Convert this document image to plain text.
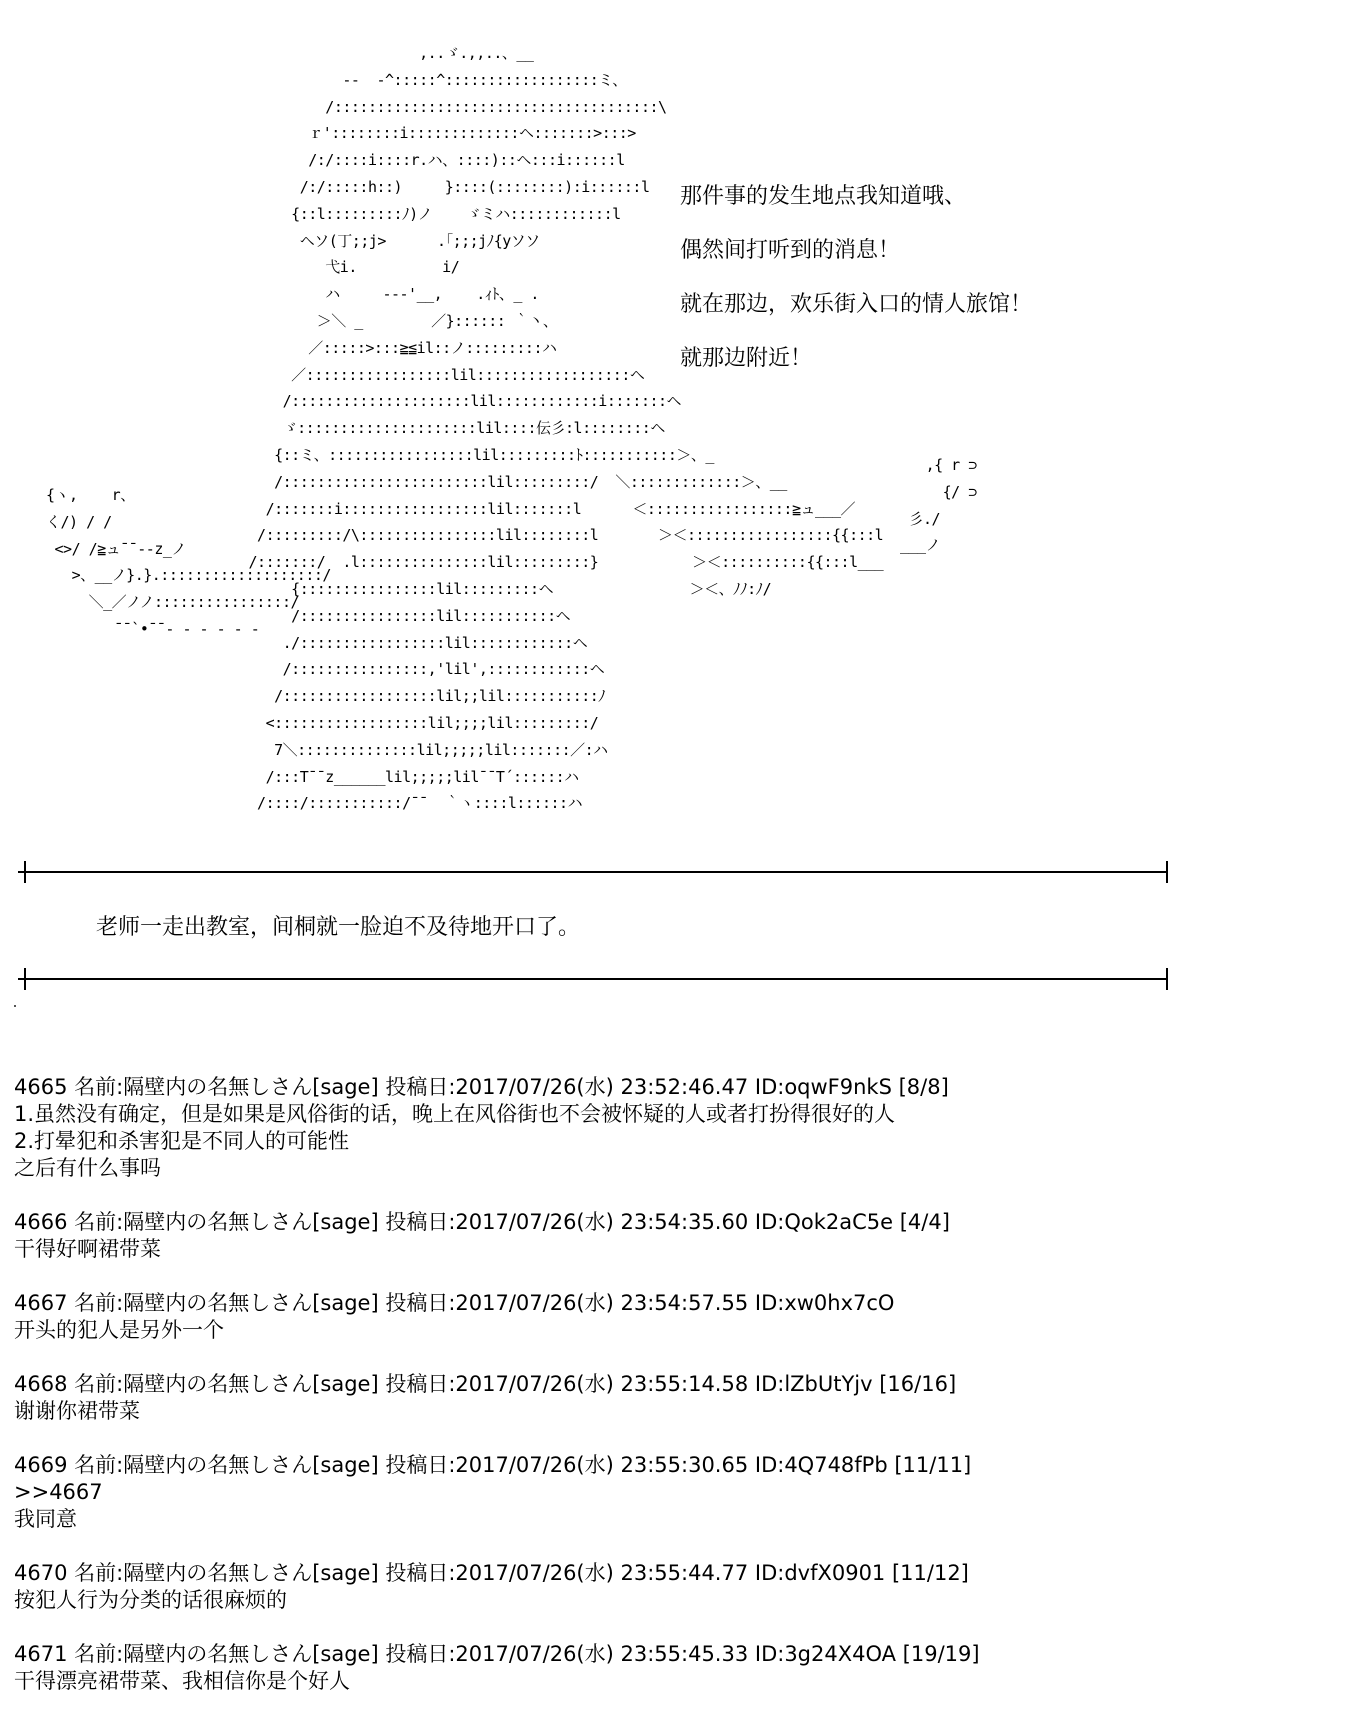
,..ゞ.,,..、__
--  -^:::::^::::::::::::::::::ミ、
/::::::::::::::::::::::::::::::::::::::\
ｒ'::::::::i:::::::::::::ヘ:::::::>:::>
/:/::::i::::r.ハ、::::)::ヘ:::i::::::l
/:/:::::h::)     }::::(::::::::):i::::::l
{::l:::::::::ﾉ)ノ    ゞミハ::::::::::::l
ヘソ(丁;;j>      .｢;;;jﾉ{yソソ
弋i.          i/
ハ     ---'__,    .ｨﾄ、_ .
＞＼ _        ／}:::::: ｀丶、
／:::::>:::≧≦il::ノ:::::::::ハ
／:::::::::::::::::lil::::::::::::::::::ヘ
/:::::::::::::::::::::lil::::::::::::i:::::::ヘ
ゞ:::::::::::::::::::::lil::::伝彡:l::::::::ヘ
{::ミ、:::::::::::::::::lil:::::::::ﾄ:::::::::::＞、_
/::::::::::::::::::::::::lil:::::::::/  ＼:::::::::::::＞、__
/:::::::i:::::::::::::::::lil:::::::l      ＜:::::::::::::::::≧ュ___／
/:::::::::/\::::::::::::::::lil::::::::l       ＞＜:::::::::::::::::{{:::l
/:::::::/  .l:::::::::::::::lil:::::::::}           ＞＜::::::::::{{:::l___
{::::::::::::::::lil:::::::::ヘ                ＞＜、ﾉﾉ:ﾉ/
/::::::::::::::::lil:::::::::::ヘ
./:::::::::::::::::lil::::::::::::ヘ
/::::::::::::::::,'lil',::::::::::::ヘ
/::::::::::::::::::lil;;lil:::::::::::ﾉ
<::::::::::::::::::lil;;;;lil:::::::::/
7＼::::::::::::::lil;;;;;lil:::::::／:ハ
/:::T¯¯z______lil;;;;;lil¯¯T´::::::ハ
/::::/:::::::::::/¯¯  ｀ヽ::::l::::::ハ
{ヽ,    r、
く/) / /
<>/ /≧ュ¯¯--z_ノ
>、__ノ}.}.:::::::::::::::::::/
＼_／ノノ::::::::::::::::/
¯¯`•¯¯- - - - - -
,{ r ⊃
{/ ⊃
彡./
___ノ
那件事的发生地点我知道哦、
偶然间打听到的消息！
就在那边，欢乐街入口的情人旅馆！
就那边附近！
老师一走出教室，间桐就一脸迫不及待地开口了。
4665 名前:隔壁内の名無しさん[sage] 投稿日:2017/07/26(水) 23:52:46.47 ID:oqwF9nkS [8/8]
1.虽然没有确定，但是如果是风俗街的话，晚上在风俗街也不会被怀疑的人或者打扮得很好的人
2.打晕犯和杀害犯是不同人的可能性
之后有什么事吗
4666 名前:隔壁内の名無しさん[sage] 投稿日:2017/07/26(水) 23:54:35.60 ID:Qok2aC5e [4/4]
干得好啊裙带菜
4667 名前:隔壁内の名無しさん[sage] 投稿日:2017/07/26(水) 23:54:57.55 ID:xw0hx7cO
开头的犯人是另外一个
4668 名前:隔壁内の名無しさん[sage] 投稿日:2017/07/26(水) 23:55:14.58 ID:lZbUtYjv [16/16]
谢谢你裙带菜
4669 名前:隔壁内の名無しさん[sage] 投稿日:2017/07/26(水) 23:55:30.65 ID:4Q748fPb [11/11]
>>4667
我同意
4670 名前:隔壁内の名無しさん[sage] 投稿日:2017/07/26(水) 23:55:44.77 ID:dvfX0901 [11/12]
按犯人行为分类的话很麻烦的
4671 名前:隔壁内の名無しさん[sage] 投稿日:2017/07/26(水) 23:55:45.33 ID:3g24X4OA [19/19]
干得漂亮裙带菜、我相信你是个好人
